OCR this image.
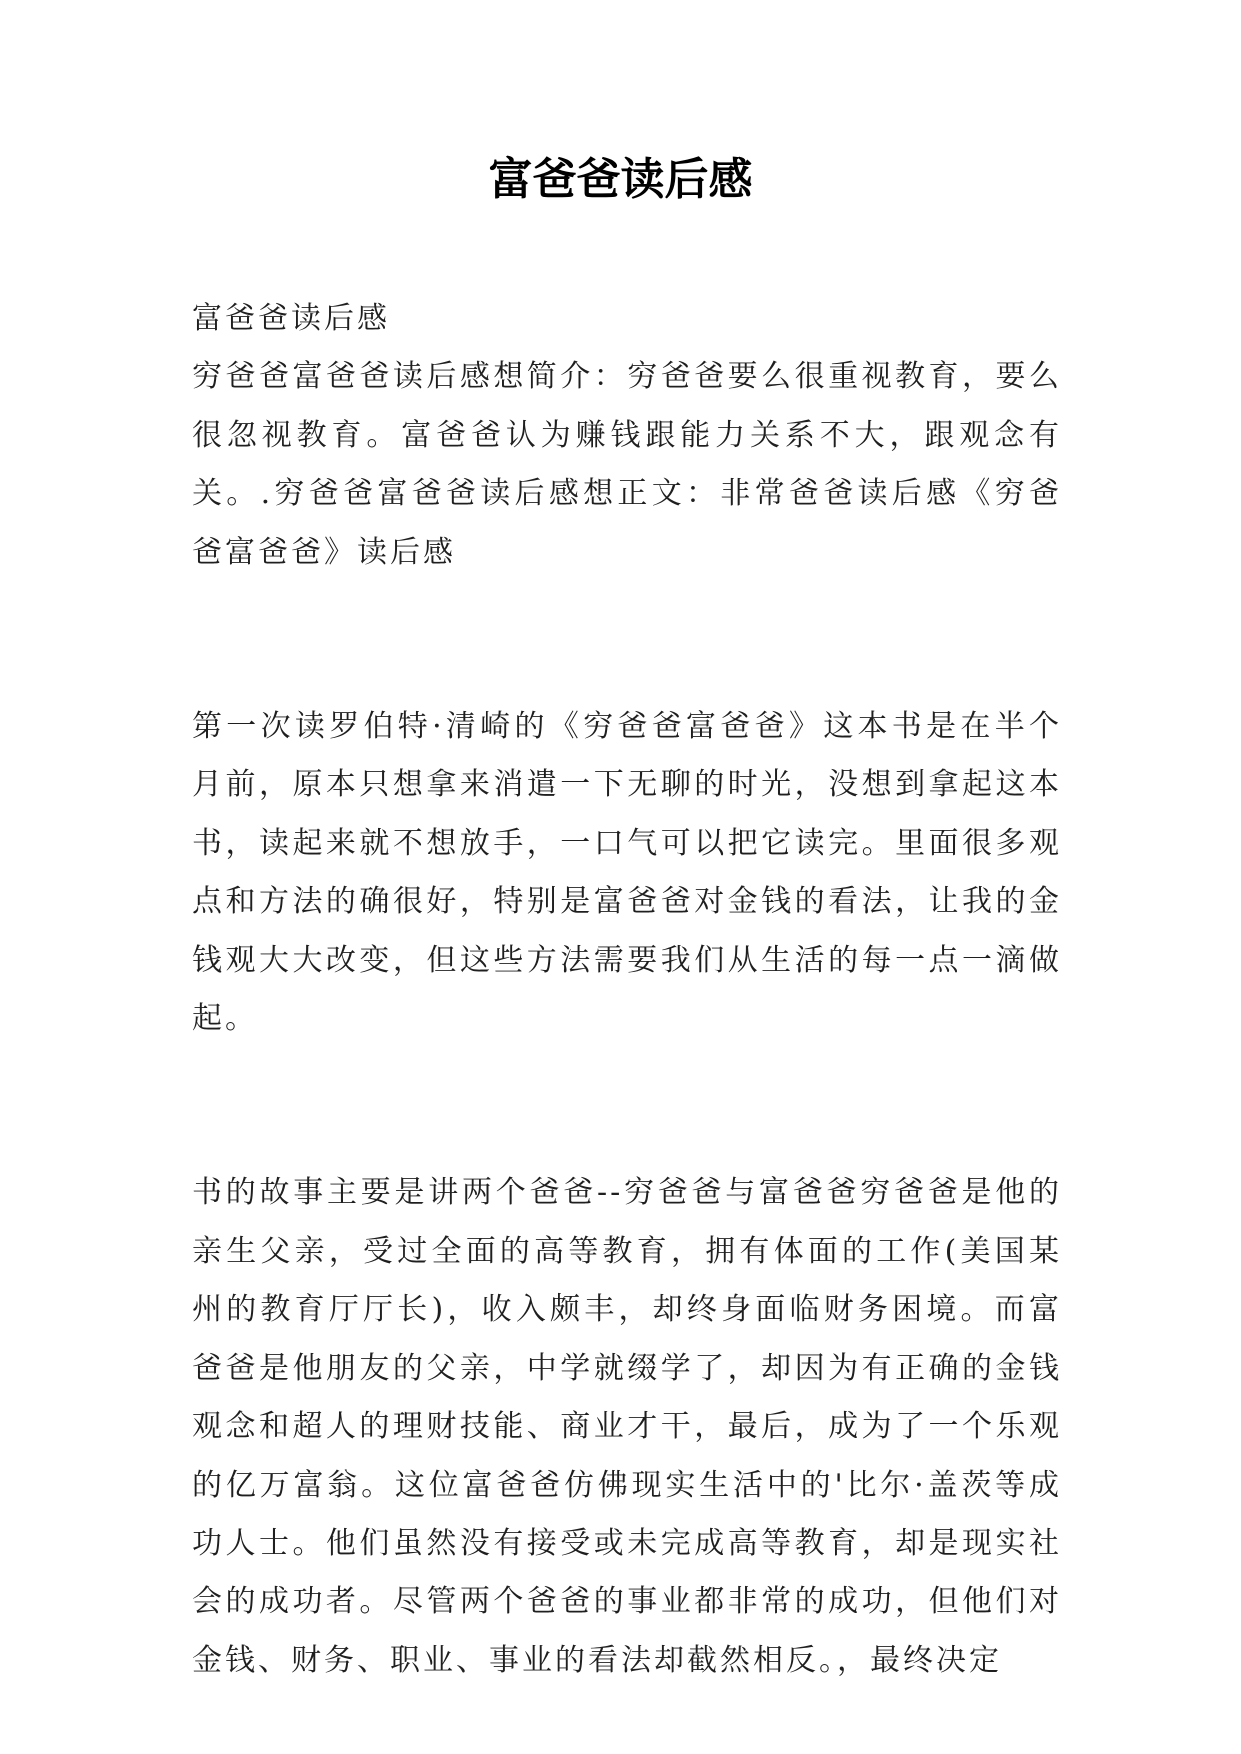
富爸爸读后感

富爸爸读后感

穷爸爸富爸爸读后感想简介：穷爸爸要么很重视教育，要么很忽视教育。富爸爸认为赚钱跟能力关系不大，跟观念有关。.穷爸爸富爸爸读后感想正文：非常爸爸读后感《穷爸爸富爸爸》读后感

第一次读罗伯特·清崎的《穷爸爸富爸爸》这本书是在半个月前，原本只想拿来消遣一下无聊的时光，没想到拿起这本书，读起来就不想放手，一口气可以把它读完。里面很多观点和方法的确很好，特别是富爸爸对金钱的看法，让我的金钱观大大改变，但这些方法需要我们从生活的每一点一滴做起。

书的故事主要是讲两个爸爸--穷爸爸与富爸爸穷爸爸是他的亲生父亲，受过全面的高等教育，拥有体面的工作(美国某州的教育厅厅长)，收入颇丰，却终身面临财务困境。而富爸爸是他朋友的父亲，中学就缀学了，却因为有正确的金钱观念和超人的理财技能、商业才干，最后，成为了一个乐观的亿万富翁。这位富爸爸仿佛现实生活中的'比尔·盖茨等成功人士。他们虽然没有接受或未完成高等教育，却是现实社会的成功者。尽管两个爸爸的事业都非常的成功，但他们对金钱、财务、职业、事业的看法却截然相反。，最终决定
